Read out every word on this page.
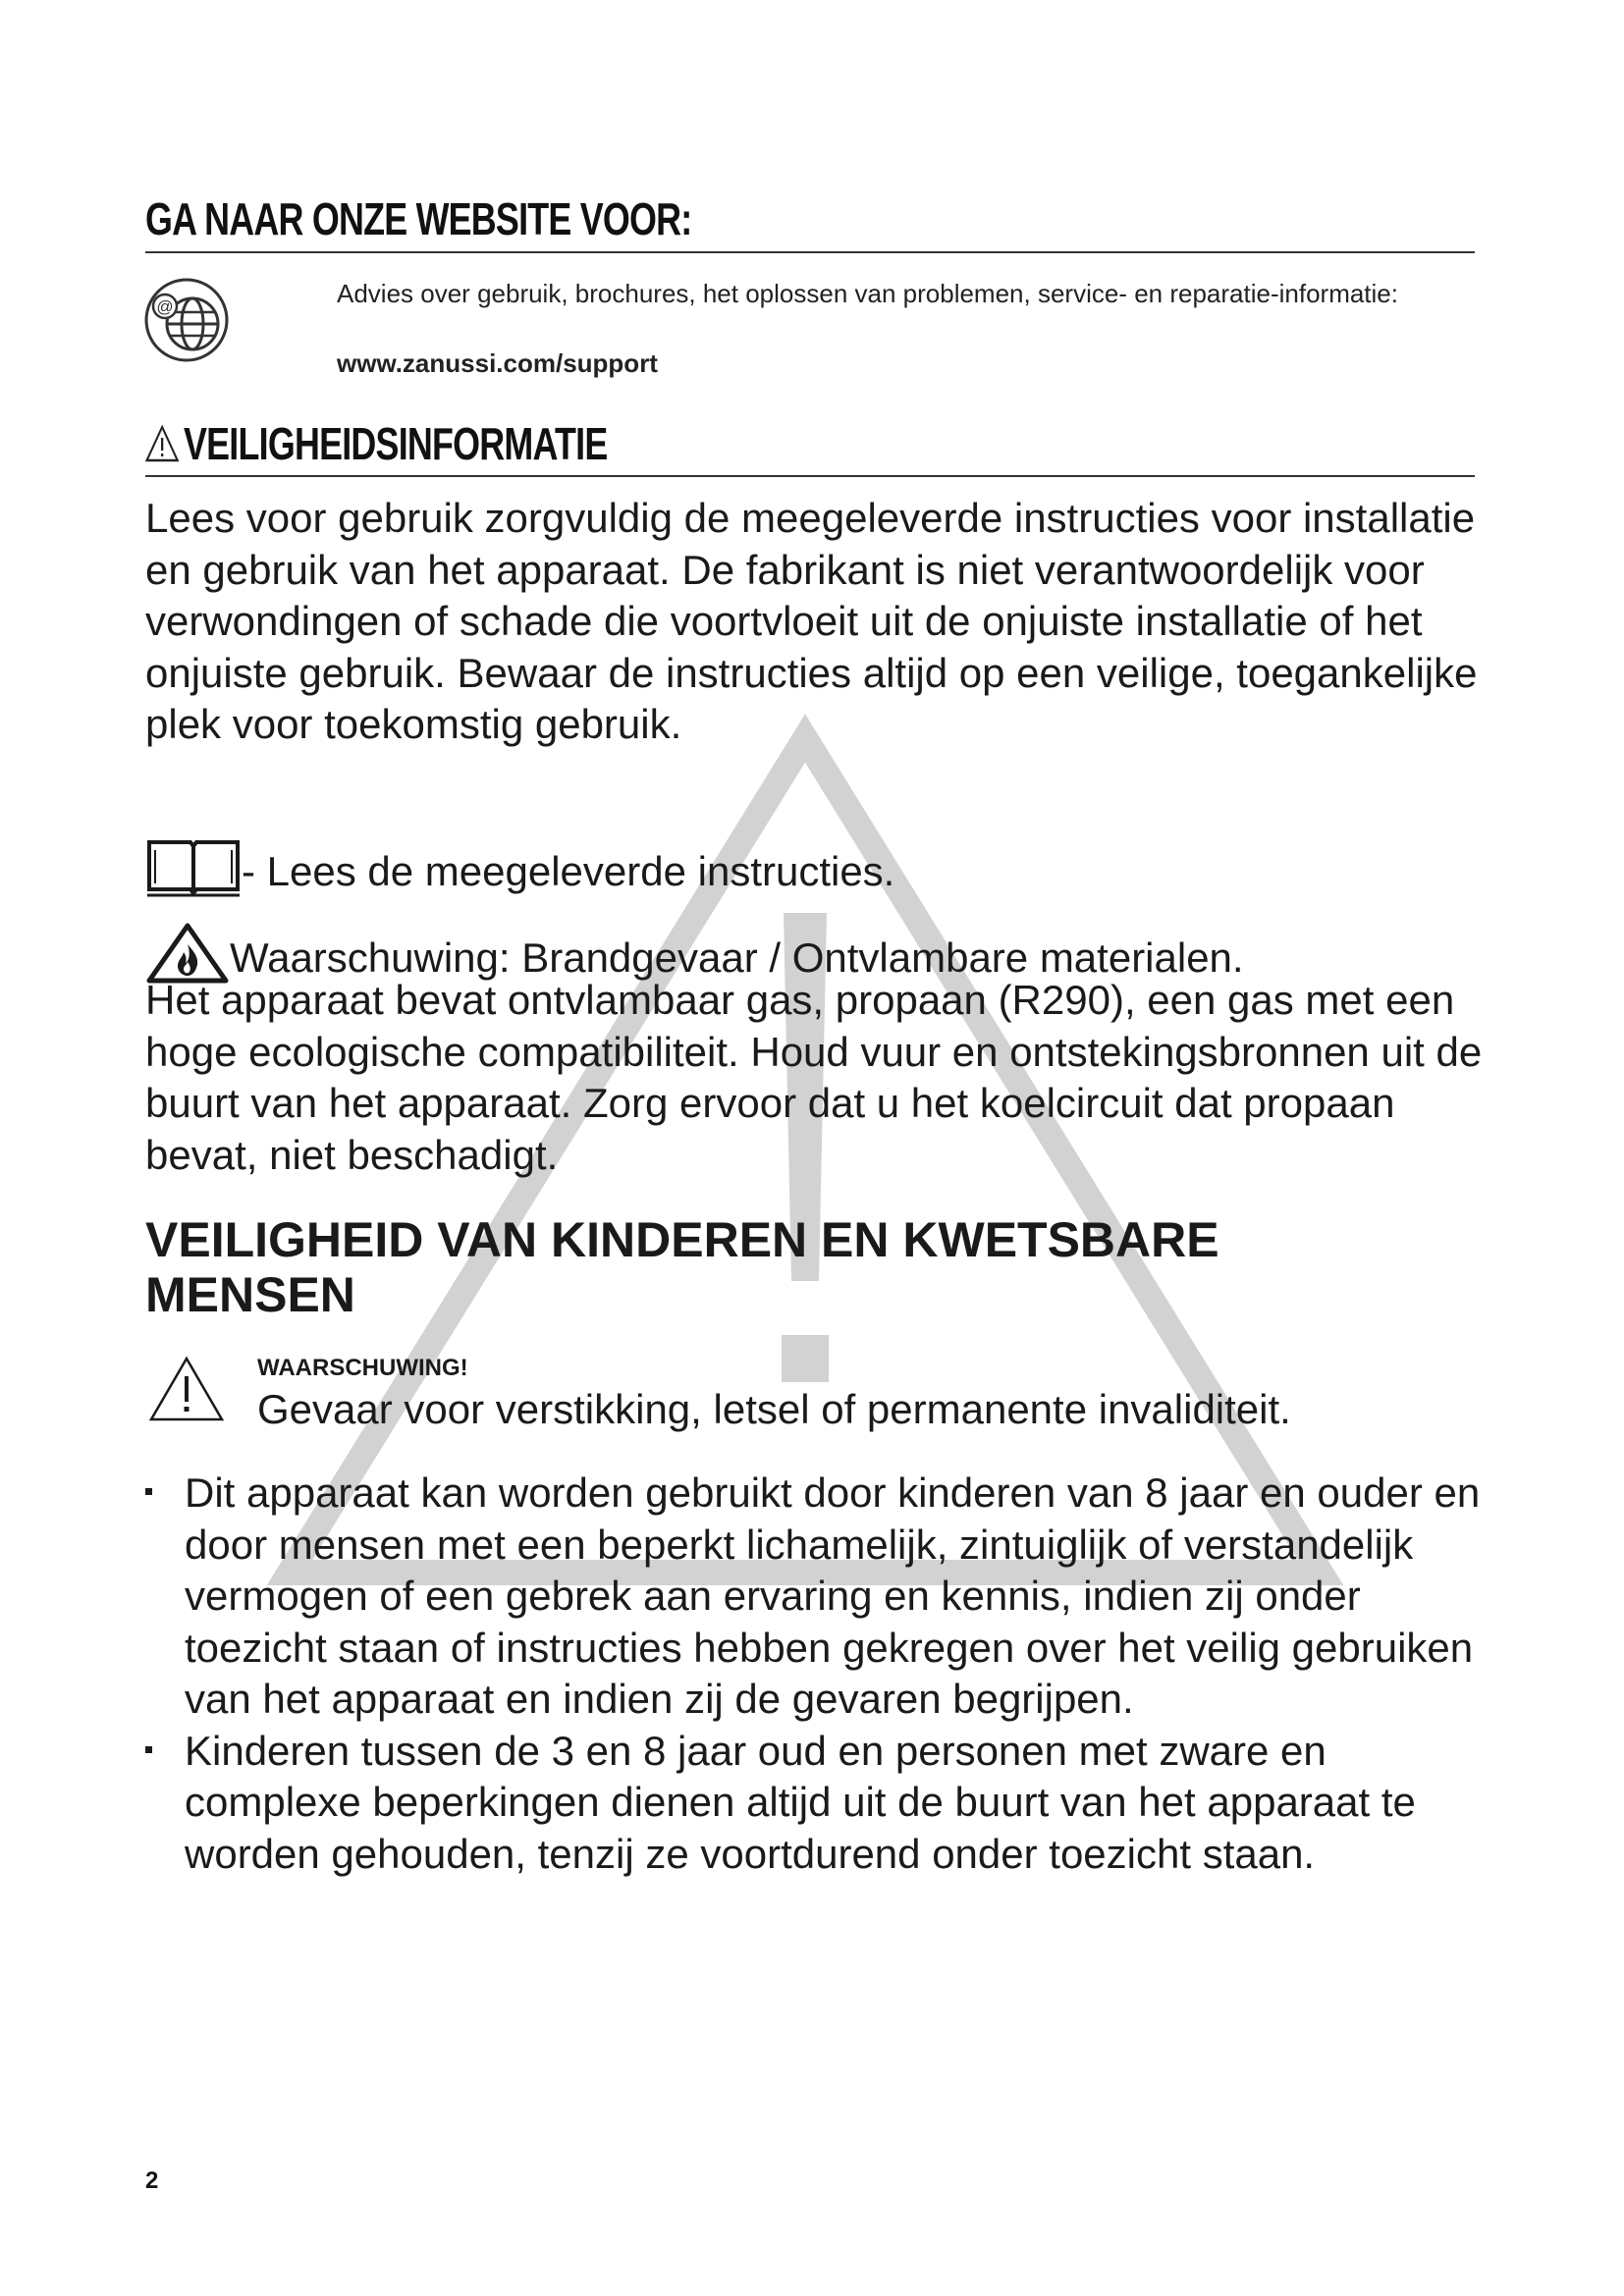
GA NAAR ONZE WEBSITE VOOR:
@	Advies over gebruik, brochures, het oplossen van problemen, service- en reparatie-informatie:

www.zanussi.com/support

VEILIGHEIDSINFORMATIE

Lees voor gebruik zorgvuldig de meegeleverde instructies voor installatie en gebruik van het apparaat. De fabrikant is niet verantwoordelijk voor verwondingen of schade die voortvloeit uit de onjuiste installatie of het onjuiste gebruik. Bewaar de instructies altijd op een veilige, toegankelijke plek voor toekomstig gebruik.

- Lees de meegeleverde instructies.

Waarschuwing: Brandgevaar / Ontvlambare materialen.

Het apparaat bevat ontvlambaar gas, propaan (R290), een gas met een hoge ecologische compatibiliteit. Houd vuur en ontstekingsbronnen uit de buurt van het apparaat. Zorg ervoor dat u het koelcircuit dat propaan bevat, niet beschadigt.

VEILIGHEID VAN KINDEREN EN KWETSBARE MENSEN

WAARSCHUWING!

Gevaar voor verstikking, letsel of permanente invaliditeit.

Dit apparaat kan worden gebruikt door kinderen van 8 jaar en ouder en door mensen met een beperkt lichamelijk, zintuiglijk of verstandelijk vermogen of een gebrek aan ervaring en kennis, indien zij onder toezicht staan of instructies hebben gekregen over het veilig gebruiken van het apparaat en indien zij de gevaren begrijpen.
Kinderen tussen de 3 en 8 jaar oud en personen met zware en complexe beperkingen dienen altijd uit de buurt van het apparaat te worden gehouden, tenzij ze voortdurend onder toezicht staan.

2
